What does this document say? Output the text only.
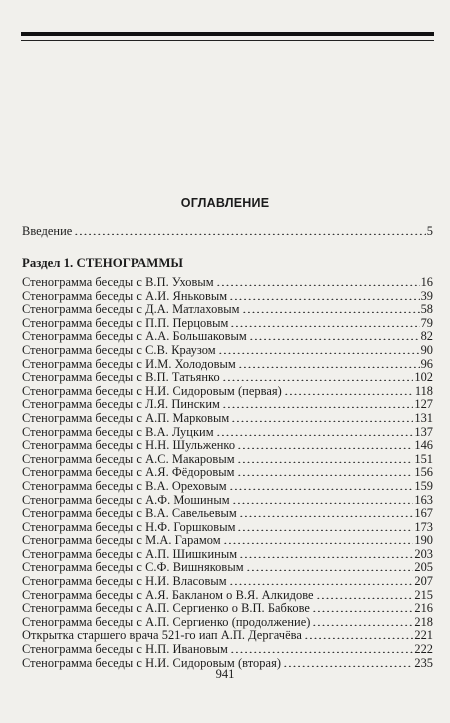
ОГЛАВЛЕНИЕ
Введение	5
Раздел 1. СТЕНОГРАММЫ
Стенограмма беседы с В.П. Уховым	16
Стенограмма беседы с А.И. Яньковым	39
Стенограмма беседы с Д.А. Матлаховым	58
Стенограмма беседы с П.П. Перцовым	79
Стенограмма беседы с А.А. Большаковым	82
Стенограмма беседы с С.В. Краузом	90
Стенограмма беседы с И.М. Холодовым	96
Стенограмма беседы с В.П. Татьянко	102
Стенограмма беседы с Н.И. Сидоровым (первая)	118
Стенограмма беседы с Л.Я. Пинским	127
Стенограмма беседы с А.П. Марковым	131
Стенограмма беседы с В.А. Луцким	137
Стенограмма беседы с Н.Н. Шульженко	146
Стенограмма беседы с А.С. Макаровым	151
Стенограмма беседы с А.Я. Фёдоровым	156
Стенограмма беседы с В.А. Ореховым	159
Стенограмма беседы с А.Ф. Мошиным	163
Стенограмма беседы с В.А. Савельевым	167
Стенограмма беседы с Н.Ф. Горшковым	173
Стенограмма беседы с М.А. Гарамом	190
Стенограмма беседы с А.П. Шишкиным	203
Стенограмма беседы с С.Ф. Вишняковым	205
Стенограмма беседы с Н.И. Власовым	207
Стенограмма беседы с А.Я. Бакланом о В.Я. Алкидове	215
Стенограмма беседы с А.П. Сергиенко о В.П. Бабкове	216
Стенограмма беседы с А.П. Сергиенко (продолжение)	218
Открытка старшего врача 521-го иап А.П. Дергачёва	221
Стенограмма беседы с Н.П. Ивановым	222
Стенограмма беседы с Н.И. Сидоровым (вторая)	235
941
